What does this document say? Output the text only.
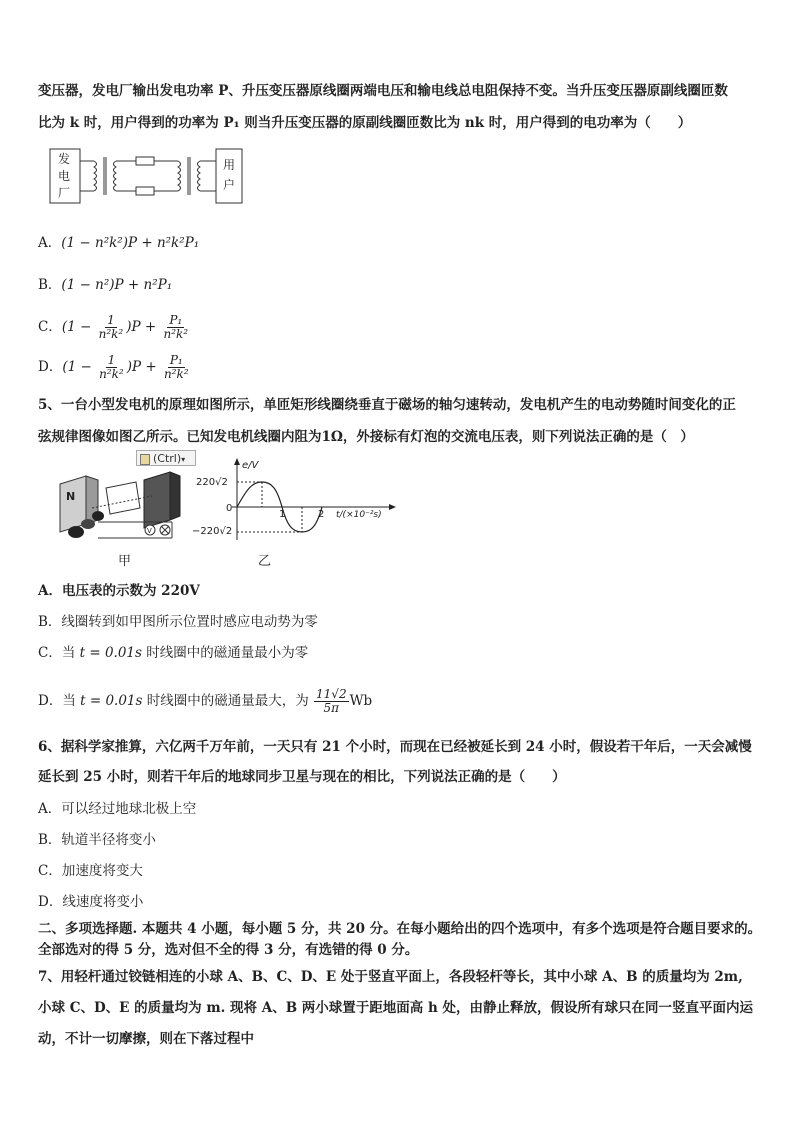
变压器，发电厂输出发电功率 P、升压变压器原线圈两端电压和输电线总电阻保持不变。当升压变压器原副线圈匝数
比为 k 时，用户得到的功率为 P₁ 则当升压变压器的原副线圈匝数比为 nk 时，用户得到的电功率为（　　）
发
电
厂
用
户
A．(1 − n²k²)P + n²k²P₁
B．(1 − n²)P + n²P₁
C．$(1 - \frac{1}{\text{n²k²}} )P + \frac{\text{P₁}}{\text{n²k²}}$
D．$(1 - \frac{1}{\text{n²k²}} )P + \frac{\text{P₁}}{\text{n²k²}}$
5、一台小型发电机的原理如图所示，单匝矩形线圈绕垂直于磁场的轴匀速转动，发电机产生的电动势随时间变化的正
弦规律图像如图乙所示。已知发电机线圈内阻为1Ω，外接标有灯泡的交流电压表，则下列说法正确的是（　）
(Ctrl)▾
N
V
甲
e/V
220√2
−220√2
0
1	2 t/(×10⁻²s)
乙
A．电压表的示数为 220V
B．线圈转到如甲图所示位置时感应电动势为零
C．当 t = 0.01s 时线圈中的磁通量最小为零
D．当 t = 0.01s 时线圈中的磁通量最大，为 $\frac{11√2}{5\pi}$ Wb
6、据科学家推算，六亿两千万年前，一天只有 21 个小时，而现在已经被延长到 24 小时，假设若干年后，一天会减慢
延长到 25 小时，则若干年后的地球同步卫星与现在的相比，下列说法正确的是（　　）
A．可以经过地球北极上空
B．轨道半径将变小
C．加速度将变大
D．线速度将变小
二、多项选择题. 本题共 4 小题，每小题 5 分，共 20 分。在每小题给出的四个选项中，有多个选项是符合题目要求的。
全部选对的得 5 分，选对但不全的得 3 分，有选错的得 0 分。
7、用轻杆通过铰链相连的小球 A、B、C、D、E 处于竖直平面上，各段轻杆等长，其中小球 A、B 的质量均为 2m,
小球 C、D、E 的质量均为 m. 现将 A、B 两小球置于距地面高 h 处，由静止释放，假设所有球只在同一竖直平面内运
动，不计一切摩擦，则在下落过程中
